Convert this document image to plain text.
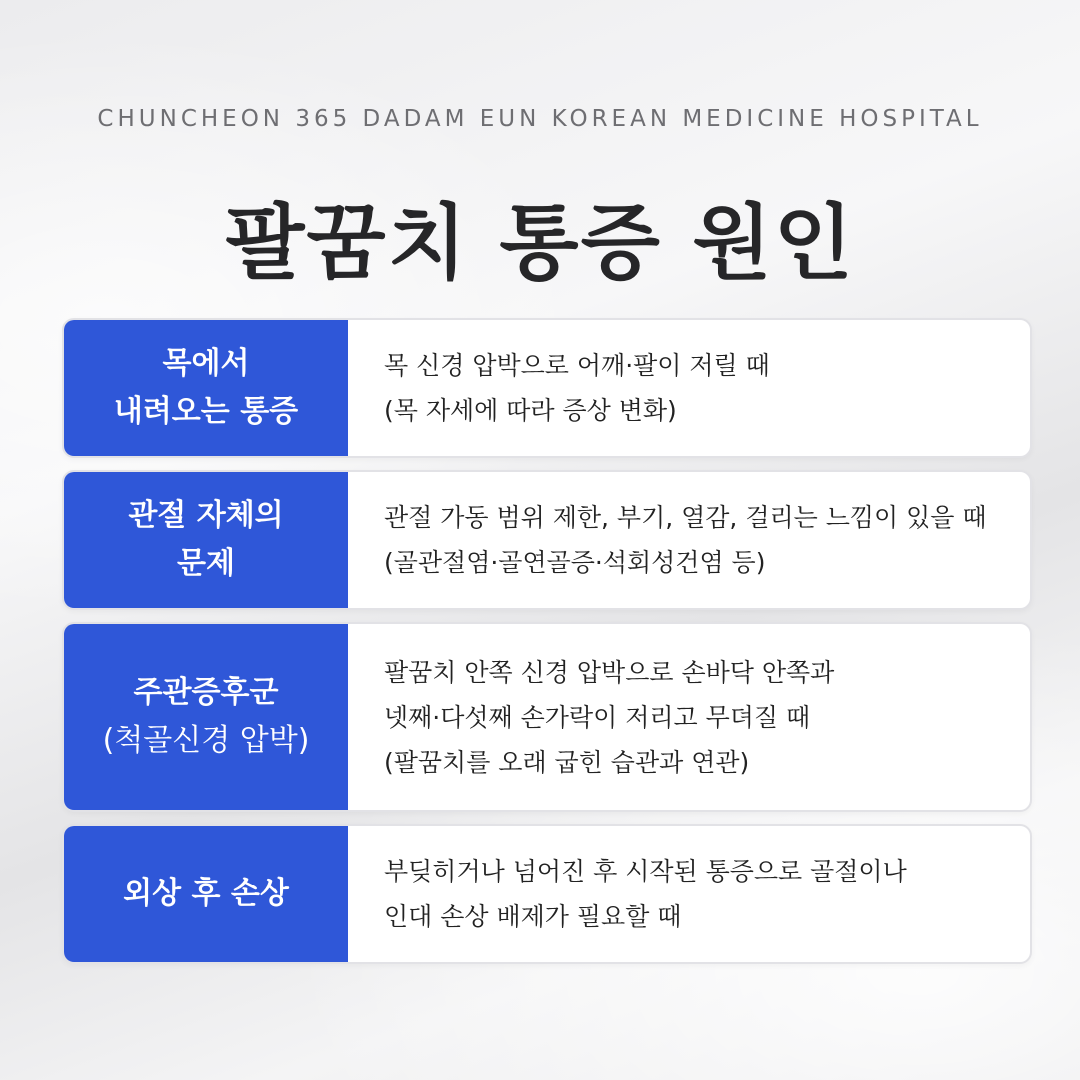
CHUNCHEON 365 DADAM EUN KOREAN MEDICINE HOSPITAL
팔꿈치 통증 원인
목에서
내려오는 통증
목 신경 압박으로 어깨·팔이 저릴 때
(목 자세에 따라 증상 변화)
관절 자체의
문제
관절 가동 범위 제한, 부기, 열감, 걸리는 느낌이 있을 때
(골관절염·골연골증·석회성건염 등)
주관증후군
(척골신경 압박)
팔꿈치 안쪽 신경 압박으로 손바닥 안쪽과
넷째·다섯째 손가락이 저리고 무뎌질 때
(팔꿈치를 오래 굽힌 습관과 연관)
외상 후 손상
부딪히거나 넘어진 후 시작된 통증으로 골절이나
인대 손상 배제가 필요할 때
